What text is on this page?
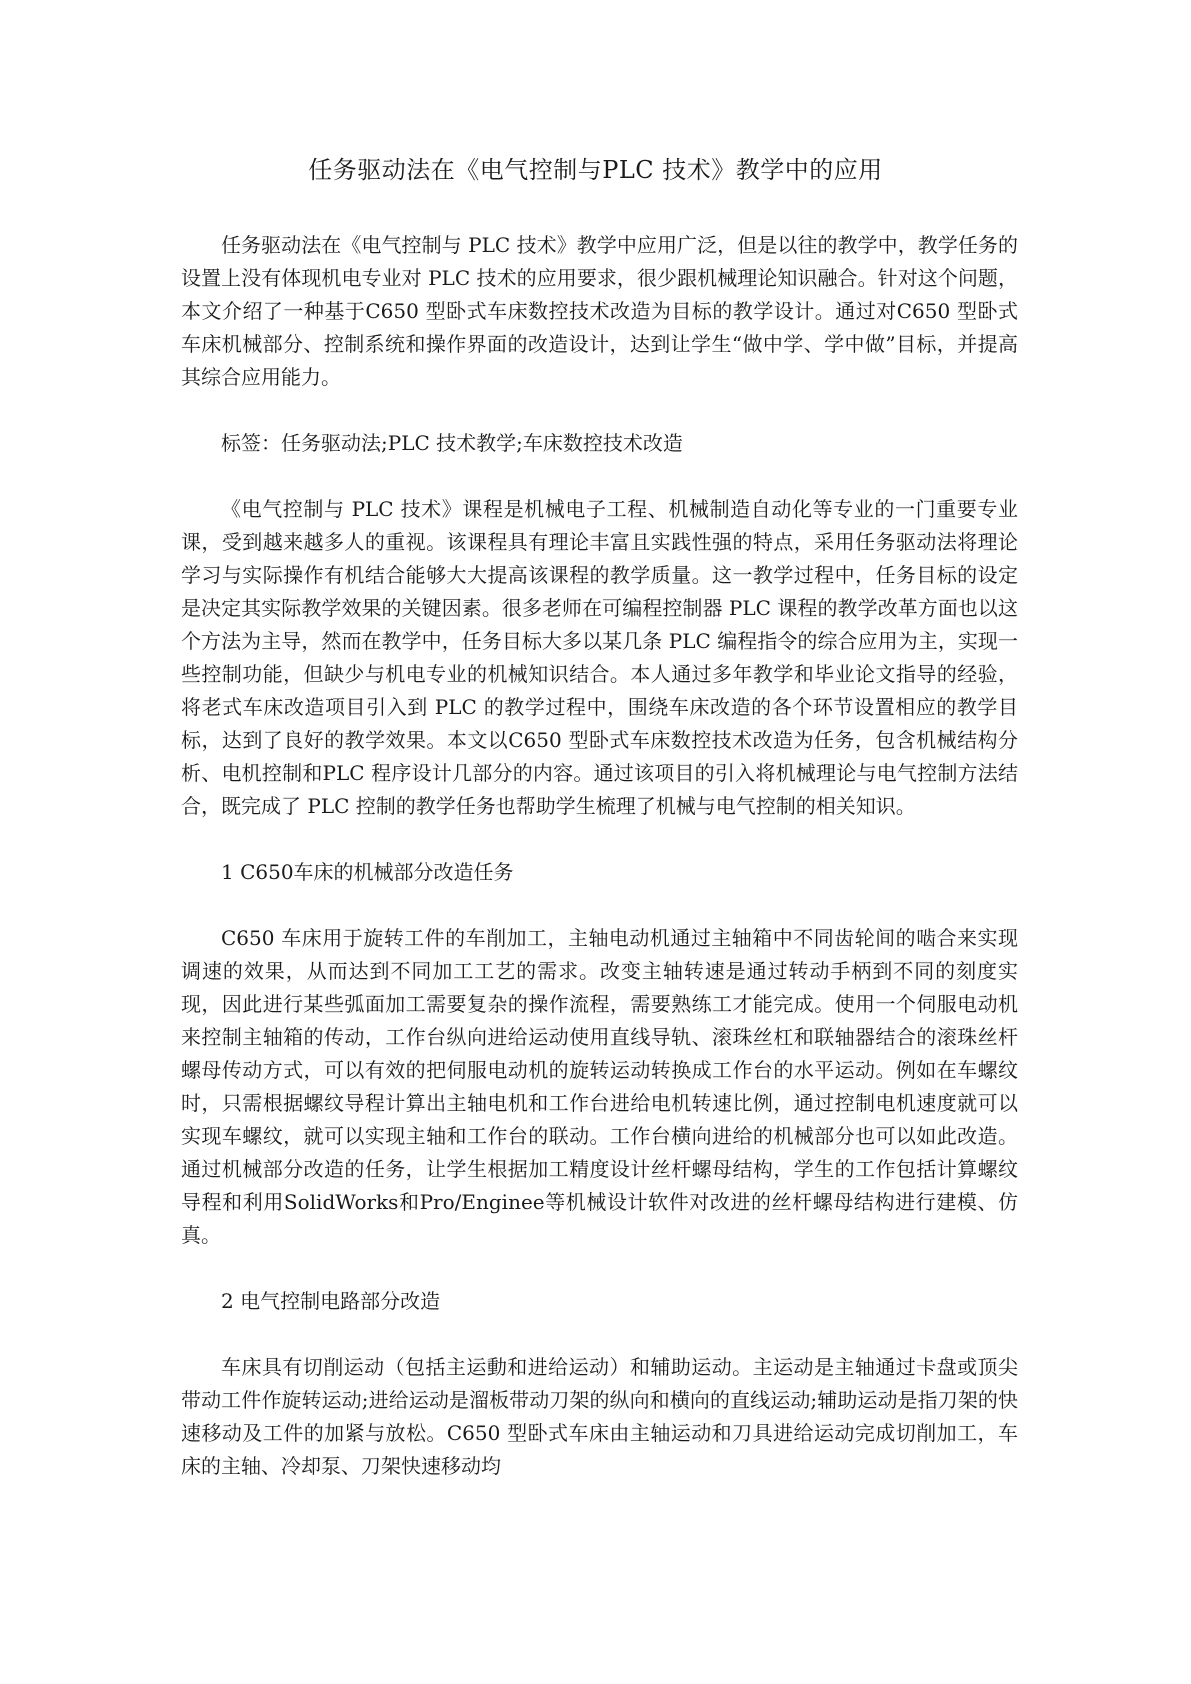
任务驱动法在《电气控制与PLC 技术》教学中的应用

任务驱动法在《电气控制与 PLC 技术》教学中应用广泛，但是以往的教学中，教学任务的设置上没有体现机电专业对 PLC 技术的应用要求，很少跟机械理论知识融合。针对这个问题，本文介绍了一种基于C650 型卧式车床数控技术改造为目标的教学设计。通过对C650 型卧式车床机械部分、控制系统和操作界面的改造设计，达到让学生“做中学、学中做”目标，并提高其综合应用能力。

标签：任务驱动法;PLC 技术教学;车床数控技术改造

《电气控制与 PLC 技术》课程是机械电子工程、机械制造自动化等专业的一门重要专业课，受到越来越多人的重视。该课程具有理论丰富且实践性强的特点，采用任务驱动法将理论学习与实际操作有机结合能够大大提高该课程的教学质量。这一教学过程中，任务目标的设定是决定其实际教学效果的关键因素。很多老师在可编程控制器 PLC 课程的教学改革方面也以这个方法为主导，然而在教学中，任务目标大多以某几条 PLC 编程指令的综合应用为主，实现一些控制功能，但缺少与机电专业的机械知识结合。本人通过多年教学和毕业论文指导的经验，将老式车床改造项目引入到 PLC 的教学过程中，围绕车床改造的各个环节设置相应的教学目标，达到了良好的教学效果。本文以C650 型卧式车床数控技术改造为任务，包含机械结构分析、电机控制和PLC 程序设计几部分的内容。通过该项目的引入将机械理论与电气控制方法结合，既完成了 PLC 控制的教学任务也帮助学生梳理了机械与电气控制的相关知识。

1 C650车床的机械部分改造任务

C650 车床用于旋转工件的车削加工，主轴电动机通过主轴箱中不同齿轮间的啮合来实现调速的效果，从而达到不同加工工艺的需求。改变主轴转速是通过转动手柄到不同的刻度实现，因此进行某些弧面加工需要复杂的操作流程，需要熟练工才能完成。使用一个伺服电动机来控制主轴箱的传动，工作台纵向进给运动使用直线导轨、滚珠丝杠和联轴器结合的滚珠丝杆螺母传动方式，可以有效的把伺服电动机的旋转运动转换成工作台的水平运动。例如在车螺纹时，只需根据螺纹导程计算出主轴电机和工作台进给电机转速比例，通过控制电机速度就可以实现车螺纹，就可以实现主轴和工作台的联动。工作台横向进给的机械部分也可以如此改造。通过机械部分改造的任务，让学生根据加工精度设计丝杆螺母结构，学生的工作包括计算螺纹导程和利用SolidWorks和Pro/Enginee等机械设计软件对改进的丝杆螺母结构进行建模、仿真。

2 电气控制电路部分改造

车床具有切削运动（包括主运動和进给运动）和辅助运动。主运动是主轴通过卡盘或顶尖带动工件作旋转运动;进给运动是溜板带动刀架的纵向和横向的直线运动;辅助运动是指刀架的快速移动及工件的加紧与放松。C650 型卧式车床由主轴运动和刀具进给运动完成切削加工，车床的主轴、冷却泵、刀架快速移动均
